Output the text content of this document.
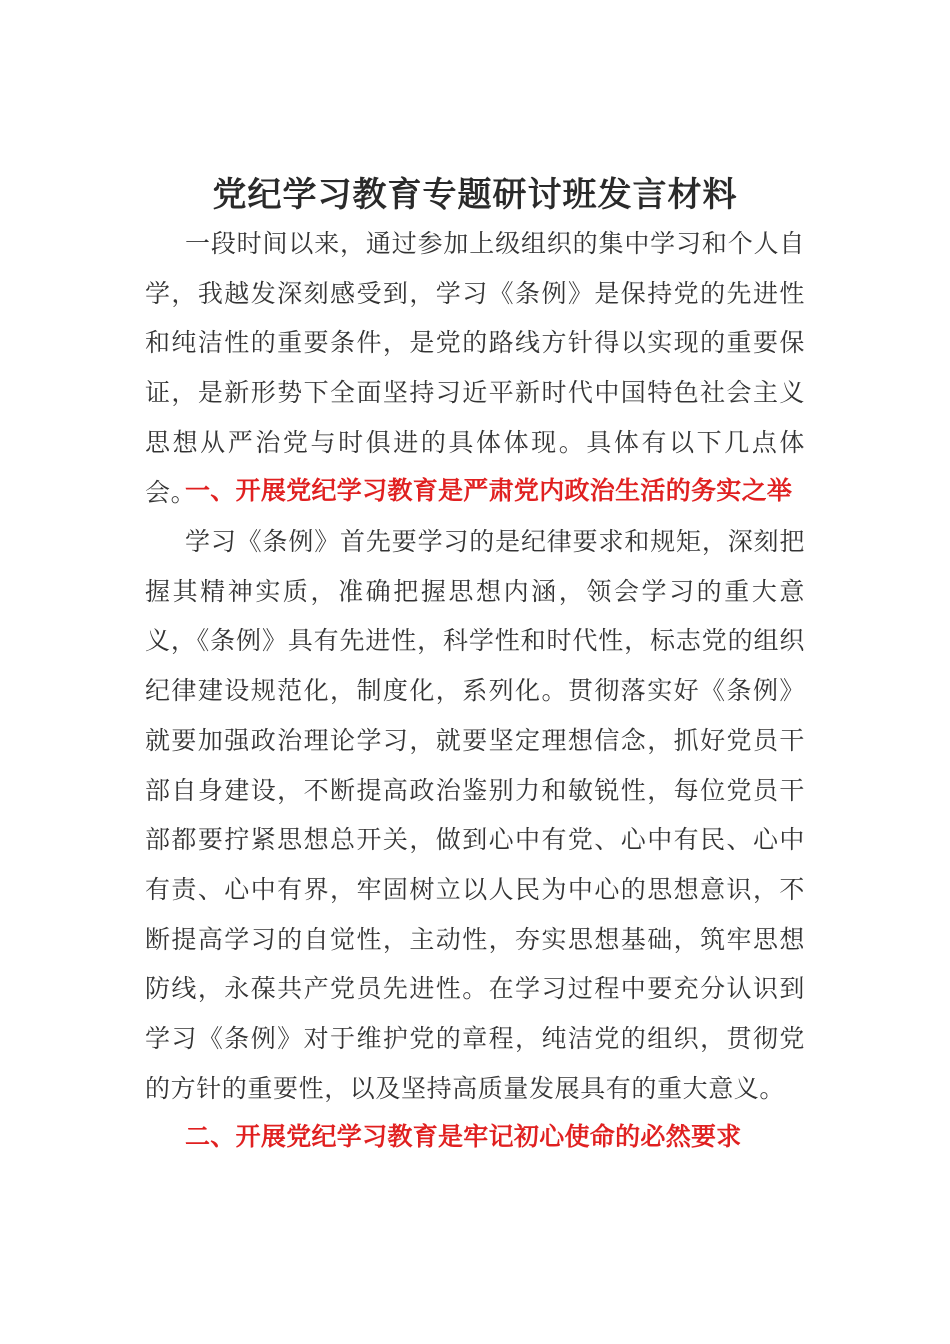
党纪学习教育专题研讨班发言材料

一段时间以来，通过参加上级组织的集中学习和个人自学，我越发深刻感受到，学习《条例》是保持党的先进性和纯洁性的重要条件，是党的路线方针得以实现的重要保证，是新形势下全面坚持习近平新时代中国特色社会主义思想从严治党与时俱进的具体体现。具体有以下几点体会。

一、开展党纪学习教育是严肃党内政治生活的务实之举

学习《条例》首先要学习的是纪律要求和规矩，深刻把握其精神实质，准确把握思想内涵，领会学习的重大意义，《条例》具有先进性，科学性和时代性，标志党的组织纪律建设规范化，制度化，系列化。贯彻落实好《条例》就要加强政治理论学习，就要坚定理想信念，抓好党员干部自身建设，不断提高政治鉴别力和敏锐性，每位党员干部都要拧紧思想总开关，做到心中有党、心中有民、心中有责、心中有界，牢固树立以人民为中心的思想意识，不断提高学习的自觉性，主动性，夯实思想基础，筑牢思想防线，永葆共产党员先进性。在学习过程中要充分认识到学习《条例》对于维护党的章程，纯洁党的组织，贯彻党的方针的重要性，以及坚持高质量发展具有的重大意义。

二、开展党纪学习教育是牢记初心使命的必然要求
